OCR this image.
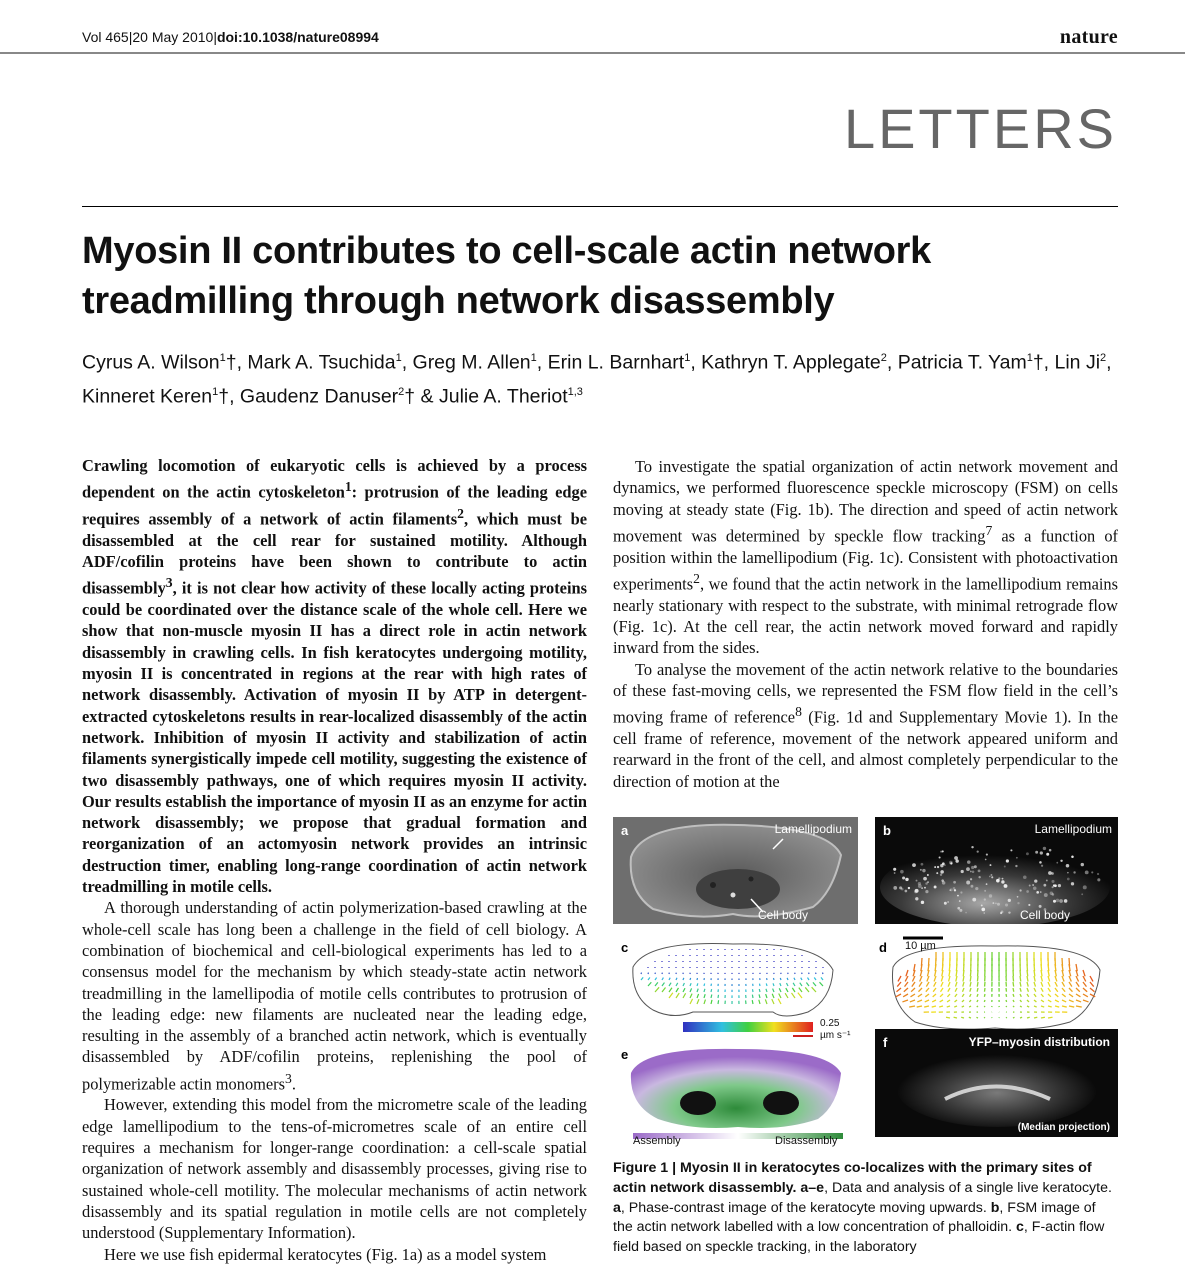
Vol 465|20 May 2010|doi:10.1038/nature08994	nature
LETTERS
Myosin II contributes to cell-scale actin network treadmilling through network disassembly
Cyrus A. Wilson$^1$†, Mark A. Tsuchida$^1$, Greg M. Allen$^1$, Erin L. Barnhart$^1$, Kathryn T. Applegate$^2$, Patricia T. Yam$^1$†, Lin Ji$^2$, Kinneret Keren$^1$†, Gaudenz Danuser$^2$† & Julie A. Theriot$^{1,3}$

Crawling locomotion of eukaryotic cells is achieved by a process dependent on the actin cytoskeleton$^1$: protrusion of the leading edge requires assembly of a network of actin filaments$^2$, which must be disassembled at the cell rear for sustained motility. Although ADF/cofilin proteins have been shown to contribute to actin disassembly$^3$, it is not clear how activity of these locally acting proteins could be coordinated over the distance scale of the whole cell. Here we show that non-muscle myosin II has a direct role in actin network disassembly in crawling cells. In fish keratocytes undergoing motility, myosin II is concentrated in regions at the rear with high rates of network disassembly. Activation of myosin II by ATP in detergent-extracted cytoskeletons results in rear-localized disassembly of the actin network. Inhibition of myosin II activity and stabilization of actin filaments synergistically impede cell motility, suggesting the existence of two disassembly pathways, one of which requires myosin II activity. Our results establish the importance of myosin II as an enzyme for actin network disassembly; we propose that gradual formation and reorganization of an actomyosin network provides an intrinsic destruction timer, enabling long-range coordination of actin network treadmilling in motile cells.

A thorough understanding of actin polymerization-based crawling at the whole-cell scale has long been a challenge in the field of cell biology. A combination of biochemical and cell-biological experiments has led to a consensus model for the mechanism by which steady-state actin network treadmilling in the lamellipodia of motile cells contributes to protrusion of the leading edge: new filaments are nucleated near the leading edge, resulting in the assembly of a branched actin network, which is eventually disassembled by ADF/cofilin proteins, replenishing the pool of polymerizable actin monomers$^3$.

However, extending this model from the micrometre scale of the leading edge lamellipodium to the tens-of-micrometres scale of an entire cell requires a mechanism for longer-range coordination: a cell-scale spatial organization of network assembly and disassembly processes, giving rise to sustained whole-cell motility. The molecular mechanisms of actin network disassembly and its spatial regulation in motile cells are not completely understood (Supplementary Information).

Here we use fish epidermal keratocytes (Fig. 1a) as a model system

To investigate the spatial organization of actin network movement and dynamics, we performed fluorescence speckle microscopy (FSM) on cells moving at steady state (Fig. 1b). The direction and speed of actin network movement was determined by speckle flow tracking$^7$ as a function of position within the lamellipodium (Fig. 1c). Consistent with photoactivation experiments$^2$, we found that the actin network in the lamellipodium remains nearly stationary with respect to the substrate, with minimal retrograde flow (Fig. 1c). At the cell rear, the actin network moved forward and rapidly inward from the sides.

To analyse the movement of the actin network relative to the boundaries of these fast-moving cells, we represented the FSM flow field in the cell’s moving frame of reference$^8$ (Fig. 1d and Supplementary Movie 1). In the cell frame of reference, movement of the network appeared uniform and rearward in the front of the cell, and almost completely perpendicular to the direction of motion at the

a	Lamellipodium
Cell body
b	Lamellipodium
Cell body
c
0.25
µm s⁻¹
d 10 µm
e
Assembly	Disassembly
f	YFP–myosin distribution
(Median projection)
Figure 1 | Myosin II in keratocytes co-localizes with the primary sites of actin network disassembly. a–e, Data and analysis of a single live keratocyte. a, Phase-contrast image of the keratocyte moving upwards. b, FSM image of the actin network labelled with a low concentration of phalloidin. c, F-actin flow field based on speckle tracking, in the laboratory
